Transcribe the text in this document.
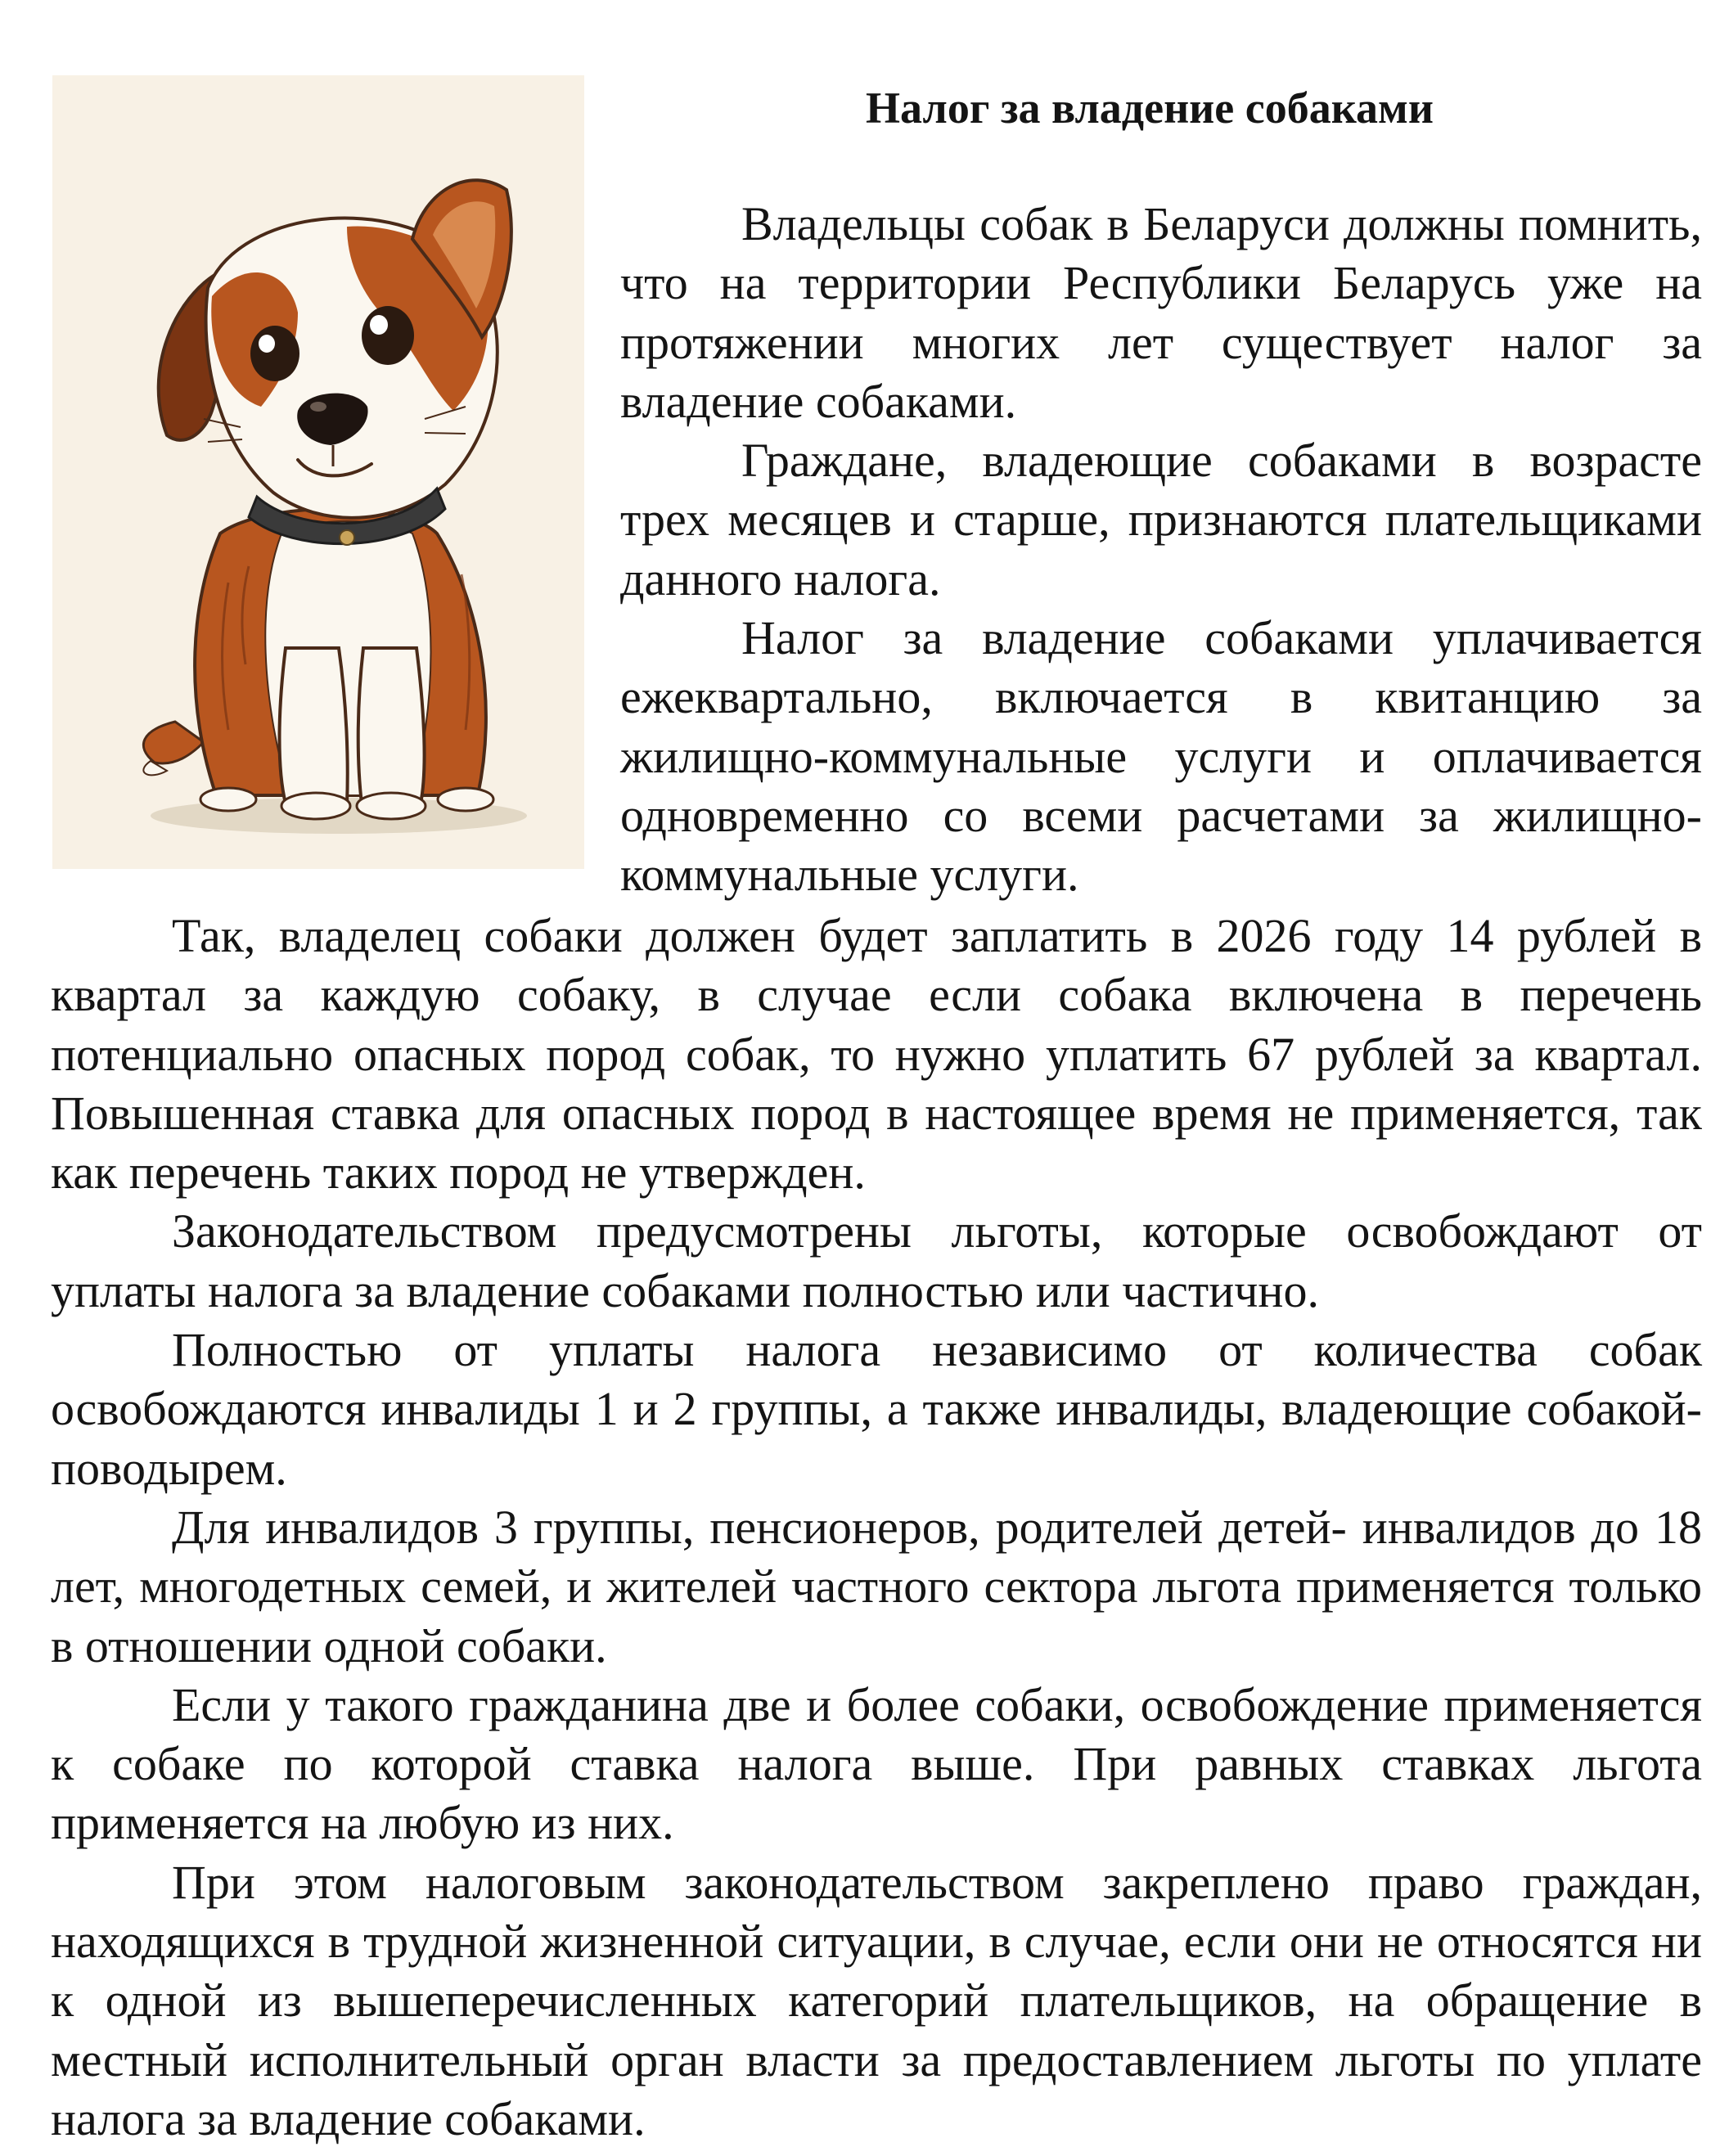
Налог за владение собаками

Владельцы собак в Беларуси должны помнить, что на территории Республики Беларусь уже на протяжении многих лет существует налог за владение собаками.

Граждане, владеющие собаками в возрасте трех месяцев и старше, признаются плательщиками данного налога.

Налог за владение собаками уплачивается ежеквартально, включается в квитанцию за жилищно-коммунальные услуги и оплачивается одновременно со всеми расчетами за жилищно-коммунальные услуги.

Так, владелец собаки должен будет заплатить в 2026 году 14 рублей в квартал за каждую собаку, в случае если собака включена в перечень потенциально опасных пород собак, то нужно уплатить 67 рублей за квартал. Повышенная ставка для опасных пород в настоящее время не применяется, так как перечень таких пород не утвержден.

Законодательством предусмотрены льготы, которые освобождают от уплаты налога за владение собаками полностью или частично.

Полностью от уплаты налога независимо от количества собак освобождаются инвалиды 1 и 2 группы, а также инвалиды, владеющие собакой-поводырем.

Для инвалидов 3 группы, пенсионеров, родителей детей- инвалидов до 18 лет, многодетных семей, и жителей частного сектора льгота применяется только в отношении одной собаки.

Если у такого гражданина две и более собаки, освобождение применяется к собаке по которой ставка налога выше. При равных ставках льгота применяется на любую из них.

При этом налоговым законодательством закреплено право граждан, находящихся в трудной жизненной ситуации, в случае, если они не относятся ни к одной из вышеперечисленных категорий плательщиков, на обращение в местный исполнительный орган власти за предоставлением льготы по уплате налога за владение собаками.
